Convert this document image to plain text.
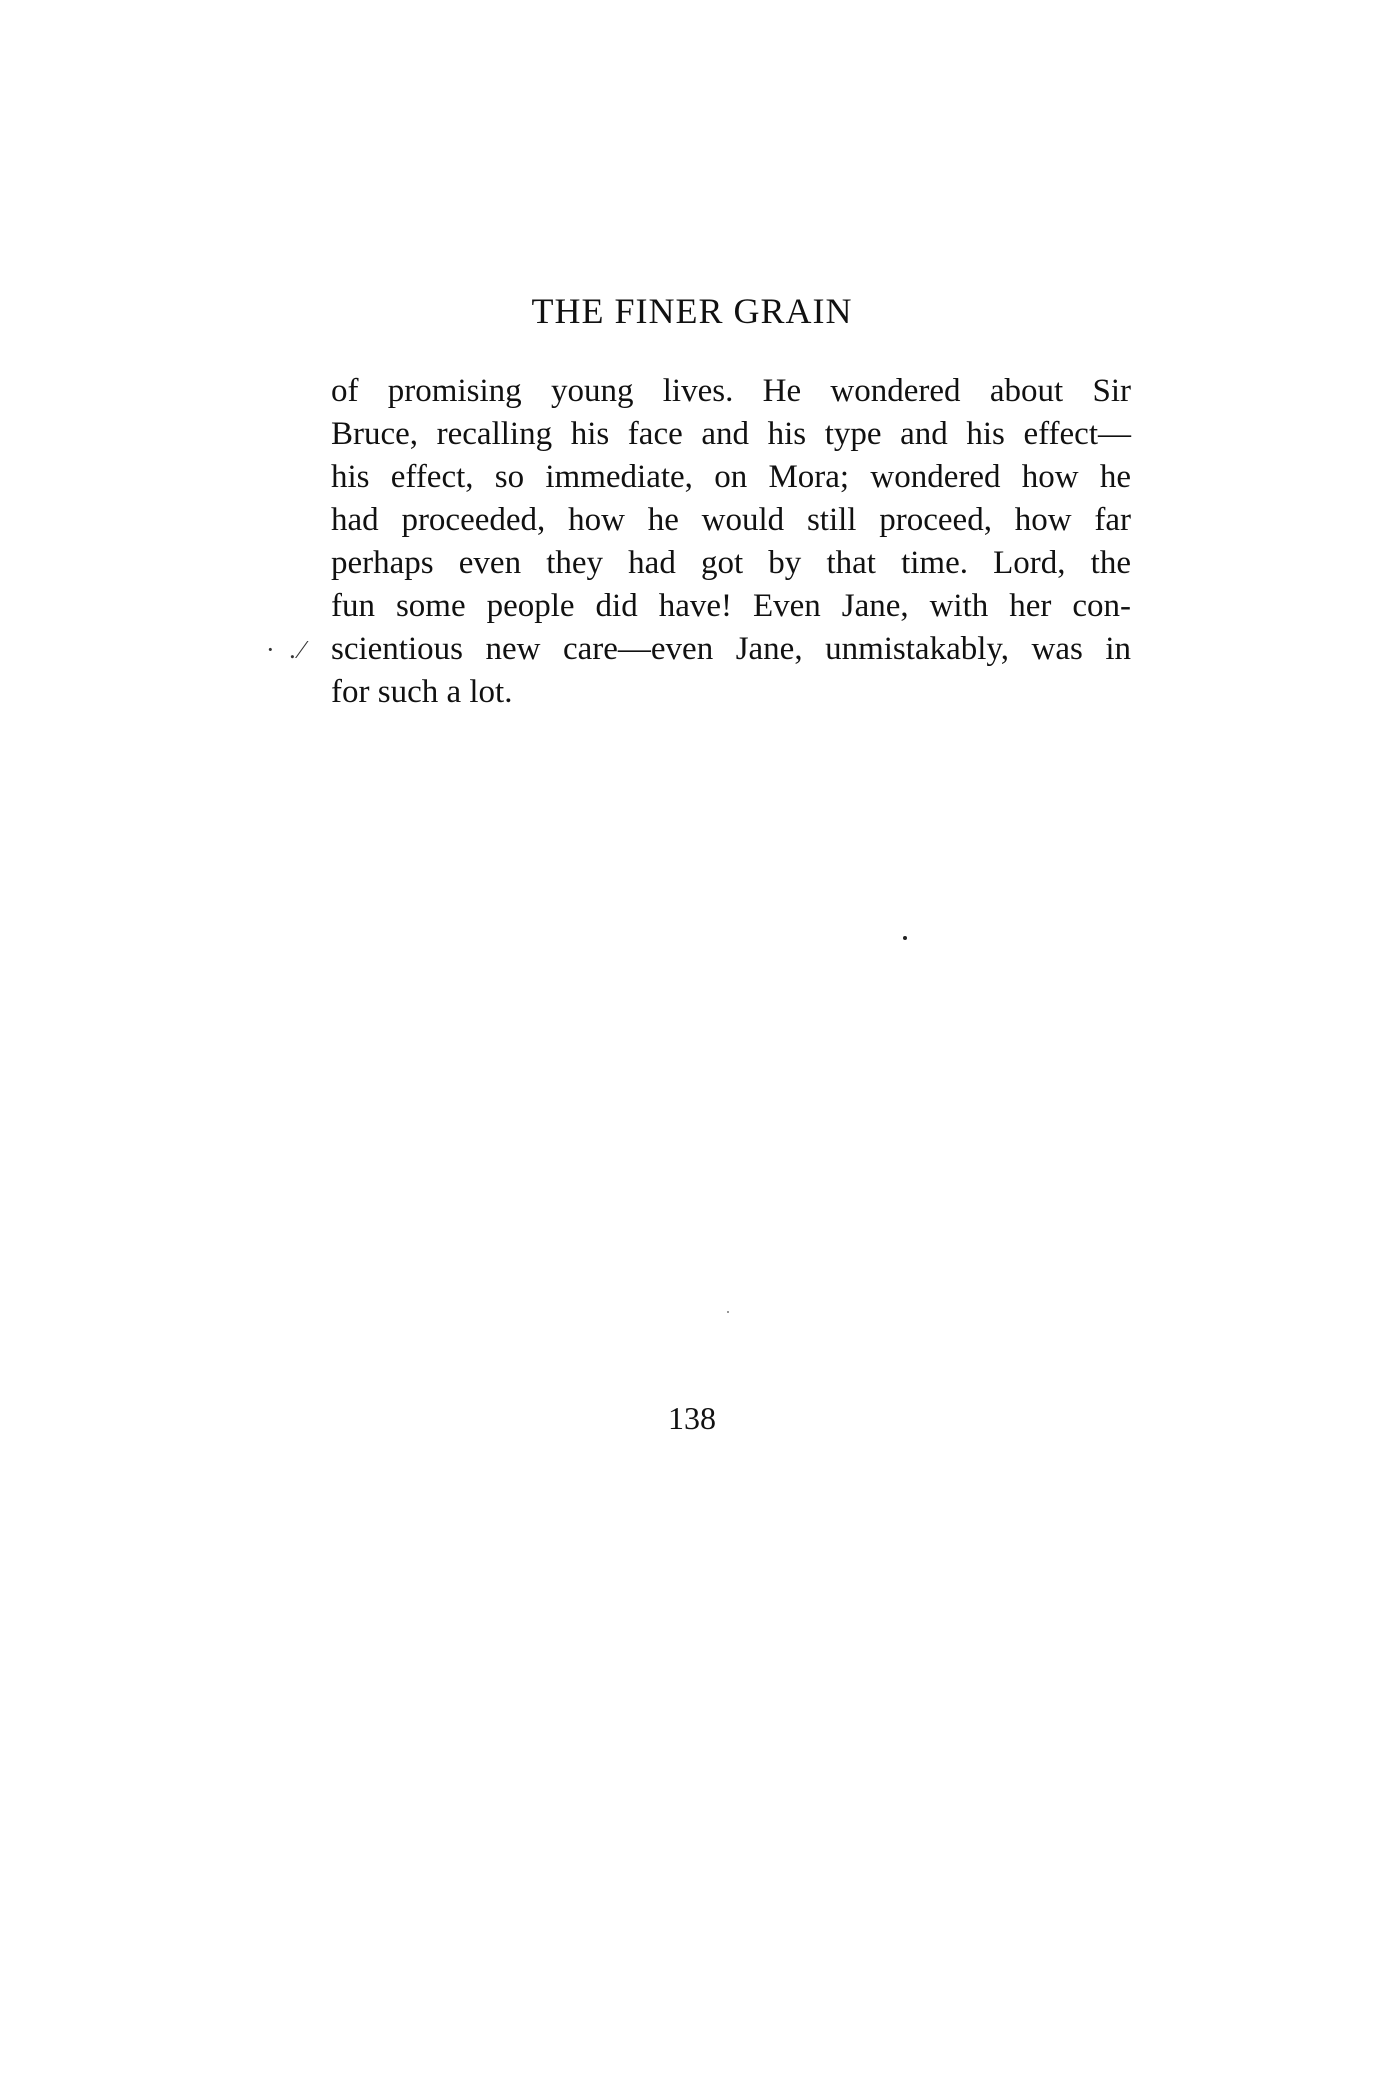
THE FINER GRAIN
of promising young lives. He wondered about Sir
Bruce, recalling his face and his type and his effect—
his effect, so immediate, on Mora; wondered how he
had proceeded, how he would still proceed, how far
perhaps even they had got by that time. Lord, the
fun some people did have! Even Jane, with her con-
scientious new care—even Jane, unmistakably, was in
for such a lot.
· .∕
138
